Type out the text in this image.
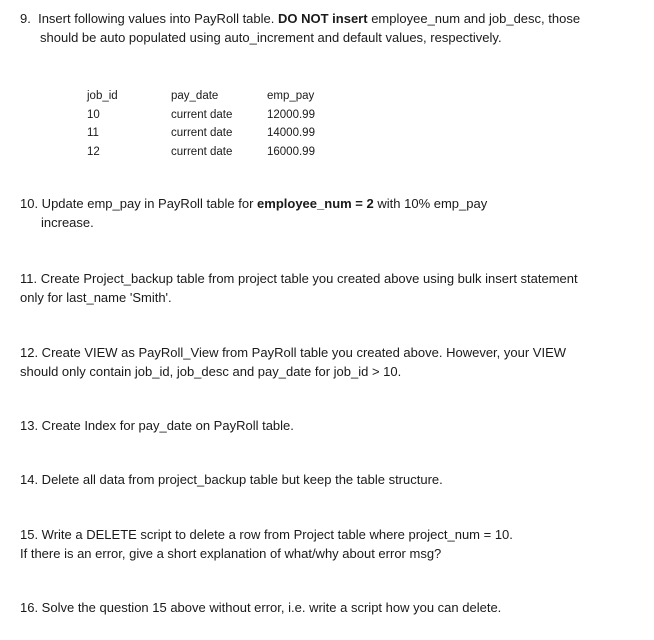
9. Insert following values into PayRoll table. DO NOT insert employee_num and job_desc, those
should be auto populated using auto_increment and default values, respectively.
job_id	pay_date	emp_pay
10	current date	12000.99
11	current date	14000.99
12	current date	16000.99
10. Update emp_pay in PayRoll table for employee_num = 2 with 10% emp_pay
increase.
11. Create Project_backup table from project table you created above using bulk insert statement
only for last_name 'Smith'.
12. Create VIEW as PayRoll_View from PayRoll table you created above. However, your VIEW
should only contain job_id, job_desc and pay_date for job_id > 10.
13. Create Index for pay_date on PayRoll table.
14. Delete all data from project_backup table but keep the table structure.
15. Write a DELETE script to delete a row from Project table where project_num = 10.
If there is an error, give a short explanation of what/why about error msg?
16. Solve the question 15 above without error, i.e. write a script how you can delete.
